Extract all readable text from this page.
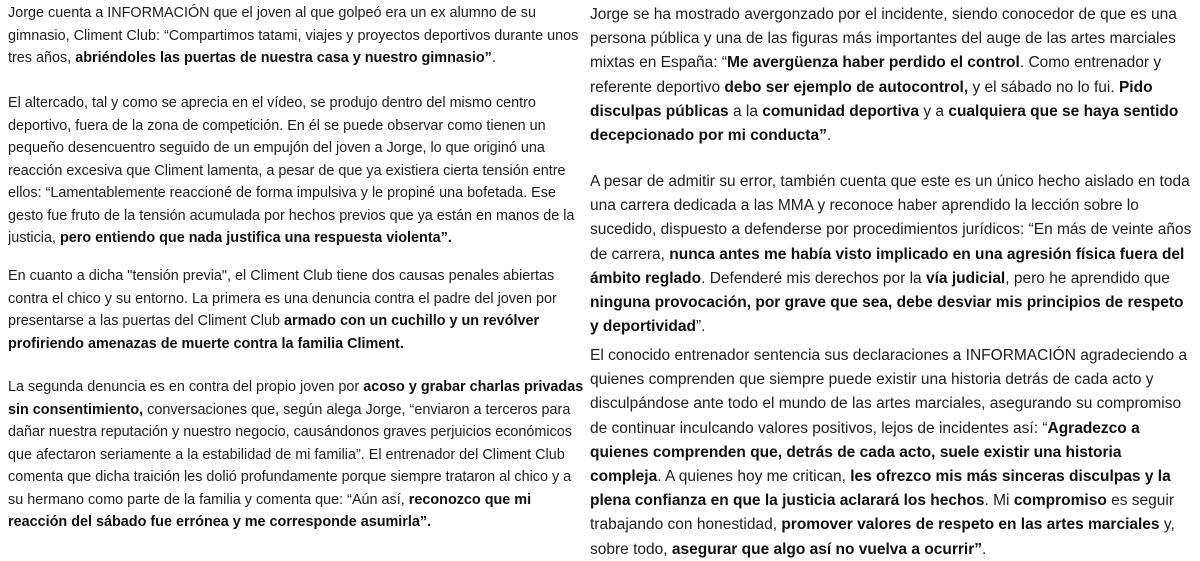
Jorge cuenta a INFORMACIÓN que el joven al que golpeó era un ex alumno de su gimnasio, Climent Club: “Compartimos tatami, viajes y proyectos deportivos durante unos tres años, abriéndoles las puertas de nuestra casa y nuestro gimnasio”.

El altercado, tal y como se aprecia en el vídeo, se produjo dentro del mismo centro deportivo, fuera de la zona de competición. En él se puede observar como tienen un pequeño desencuentro seguido de un empujón del joven a Jorge, lo que originó una reacción excesiva que Climent lamenta, a pesar de que ya existiera cierta tensión entre ellos: “Lamentablemente reaccioné de forma impulsiva y le propiné una bofetada. Ese gesto fue fruto de la tensión acumulada por hechos previos que ya están en manos de la justicia, pero entiendo que nada justifica una respuesta violenta”.

En cuanto a dicha "tensión previa", el Climent Club tiene dos causas penales abiertas contra el chico y su entorno. La primera es una denuncia contra el padre del joven por presentarse a las puertas del Climent Club armado con un cuchillo y un revólver profiriendo amenazas de muerte contra la familia Climent.

La segunda denuncia es en contra del propio joven por acoso y grabar charlas privadas sin consentimiento, conversaciones que, según alega Jorge, “enviaron a terceros para dañar nuestra reputación y nuestro negocio, causándonos graves perjuicios económicos que afectaron seriamente a la estabilidad de mi familia”. El entrenador del Climent Club comenta que dicha traición les dolió profundamente porque siempre trataron al chico y a su hermano como parte de la familia y comenta que: “Aún así, reconozco que mi reacción del sábado fue errónea y me corresponde asumirla”.

Jorge se ha mostrado avergonzado por el incidente, siendo conocedor de que es una persona pública y una de las figuras más importantes del auge de las artes marciales mixtas en España: “Me avergüenza haber perdido el control. Como entrenador y referente deportivo debo ser ejemplo de autocontrol, y el sábado no lo fui. Pido disculpas públicas a la comunidad deportiva y a cualquiera que se haya sentido decepcionado por mi conducta”.

A pesar de admitir su error, también cuenta que este es un único hecho aislado en toda una carrera dedicada a las MMA y reconoce haber aprendido la lección sobre lo sucedido, dispuesto a defenderse por procedimientos jurídicos: “En más de veinte años de carrera, nunca antes me había visto implicado en una agresión física fuera del ámbito reglado. Defenderé mis derechos por la vía judicial, pero he aprendido que ninguna provocación, por grave que sea, debe desviar mis principios de respeto y deportividad”.

El conocido entrenador sentencia sus declaraciones a INFORMACIÓN agradeciendo a quienes comprenden que siempre puede existir una historia detrás de cada acto y disculpándose ante todo el mundo de las artes marciales, asegurando su compromiso de continuar inculcando valores positivos, lejos de incidentes así: “Agradezco a quienes comprenden que, detrás de cada acto, suele existir una historia compleja. A quienes hoy me critican, les ofrezco mis más sinceras disculpas y la plena confianza en que la justicia aclarará los hechos. Mi compromiso es seguir trabajando con honestidad, promover valores de respeto en las artes marciales y, sobre todo, asegurar que algo así no vuelva a ocurrir”.
